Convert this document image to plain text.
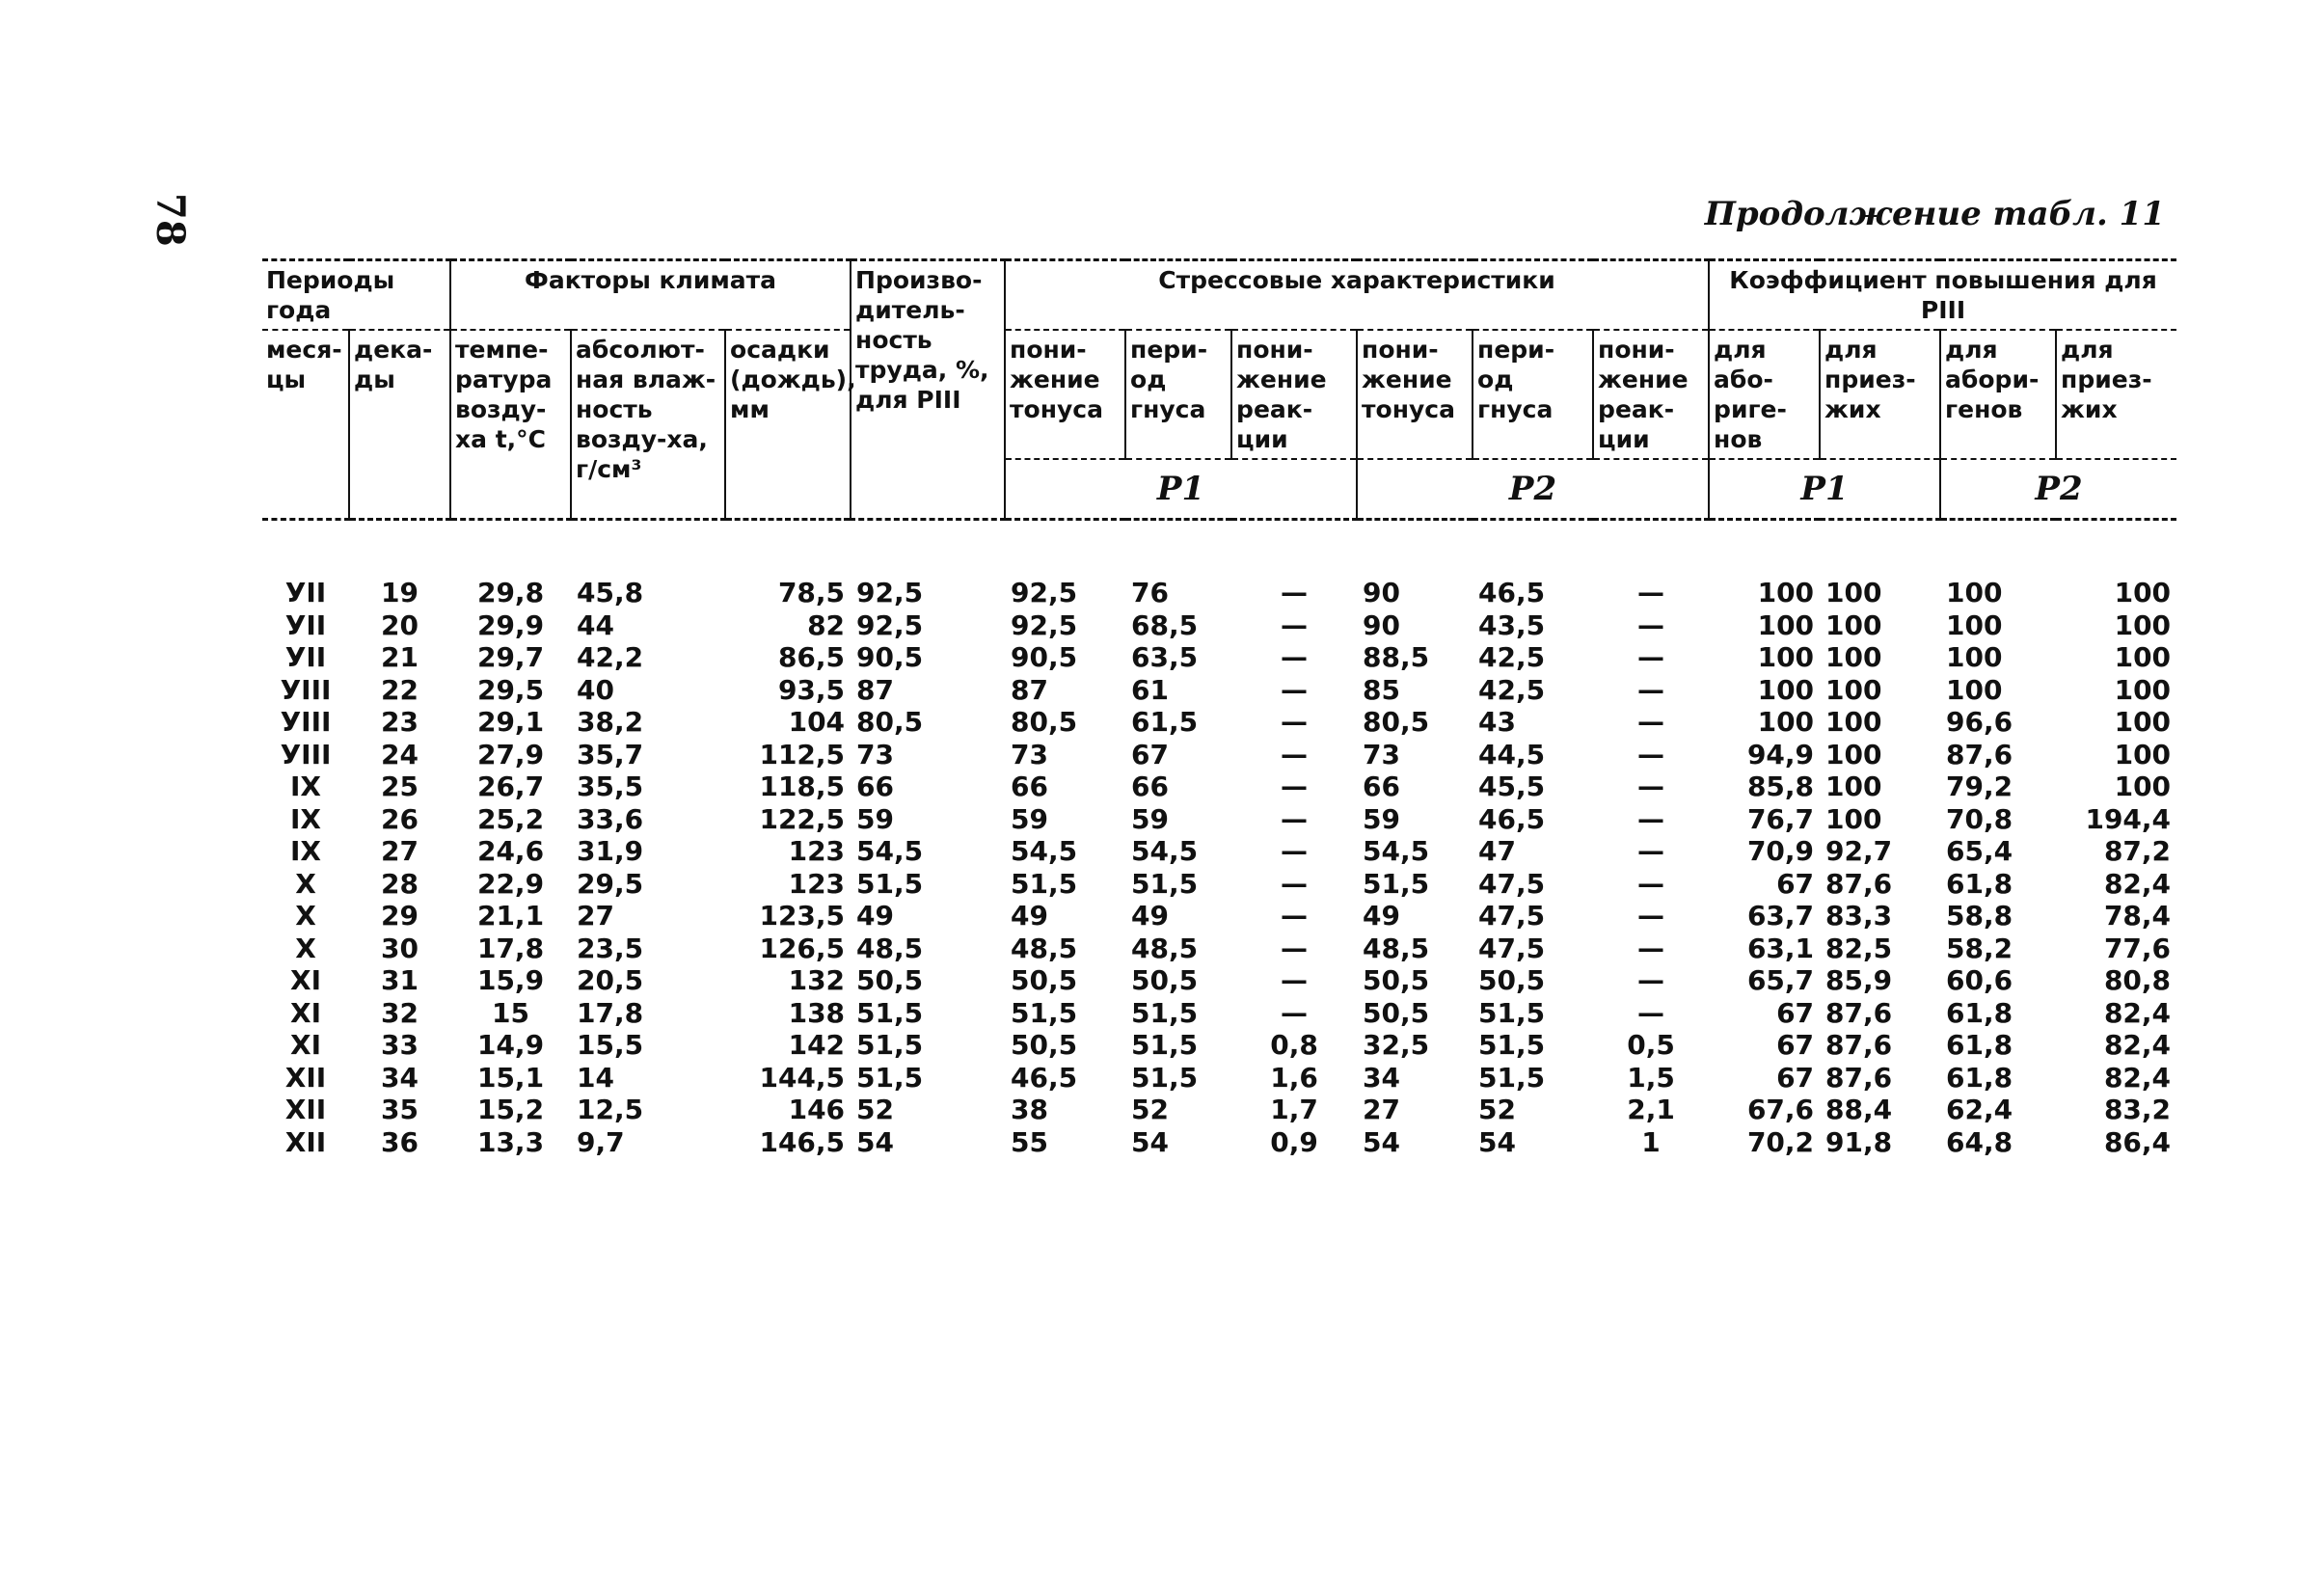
78	Продолжение табл. 11
Периоды года		Факторы климата			Произво-дитель-ность труда, %, для PIII	Стрессовые характеристики						Коэффициент повышения для PIII			
меся-цы	дека-ды	темпе-ратура возду-ха t,°C	абсолют-ная влаж-ность возду-ха, г/см³	осадки (дождь), мм		пони-жение тонуса	пери-од гнуса	пони-жение реак-ции	пони-жение тонуса	пери-од гнуса	пони-жение реак-ции	для або-риге-нов	для приез-жих	для абори-генов	для приез-жих
						P1			P2			P1		P2	

УII	19	29,8	45,8	78,5	92,5	92,5	76	—	90	46,5	—	100	100	100	100
УII	20	29,9	44	82	92,5	92,5	68,5	—	90	43,5	—	100	100	100	100
УII	21	29,7	42,2	86,5	90,5	90,5	63,5	—	88,5	42,5	—	100	100	100	100
УIII	22	29,5	40	93,5	87	87	61	—	85	42,5	—	100	100	100	100
УIII	23	29,1	38,2	104	80,5	80,5	61,5	—	80,5	43	—	100	100	96,6	100
УIII	24	27,9	35,7	112,5	73	73	67	—	73	44,5	—	94,9	100	87,6	100
IX	25	26,7	35,5	118,5	66	66	66	—	66	45,5	—	85,8	100	79,2	100
IX	26	25,2	33,6	122,5	59	59	59	—	59	46,5	—	76,7	100	70,8	194,4
IX	27	24,6	31,9	123	54,5	54,5	54,5	—	54,5	47	—	70,9	92,7	65,4	87,2
X	28	22,9	29,5	123	51,5	51,5	51,5	—	51,5	47,5	—	67	87,6	61,8	82,4
X	29	21,1	27	123,5	49	49	49	—	49	47,5	—	63,7	83,3	58,8	78,4
X	30	17,8	23,5	126,5	48,5	48,5	48,5	—	48,5	47,5	—	63,1	82,5	58,2	77,6
XI	31	15,9	20,5	132	50,5	50,5	50,5	—	50,5	50,5	—	65,7	85,9	60,6	80,8
XI	32	15	17,8	138	51,5	51,5	51,5	—	50,5	51,5	—	67	87,6	61,8	82,4
XI	33	14,9	15,5	142	51,5	50,5	51,5	0,8	32,5	51,5	0,5	67	87,6	61,8	82,4
XII	34	15,1	14	144,5	51,5	46,5	51,5	1,6	34	51,5	1,5	67	87,6	61,8	82,4
XII	35	15,2	12,5	146	52	38	52	1,7	27	52	2,1	67,6	88,4	62,4	83,2
XII	36	13,3	9,7	146,5	54	55	54	0,9	54	54	1	70,2	91,8	64,8	86,4
